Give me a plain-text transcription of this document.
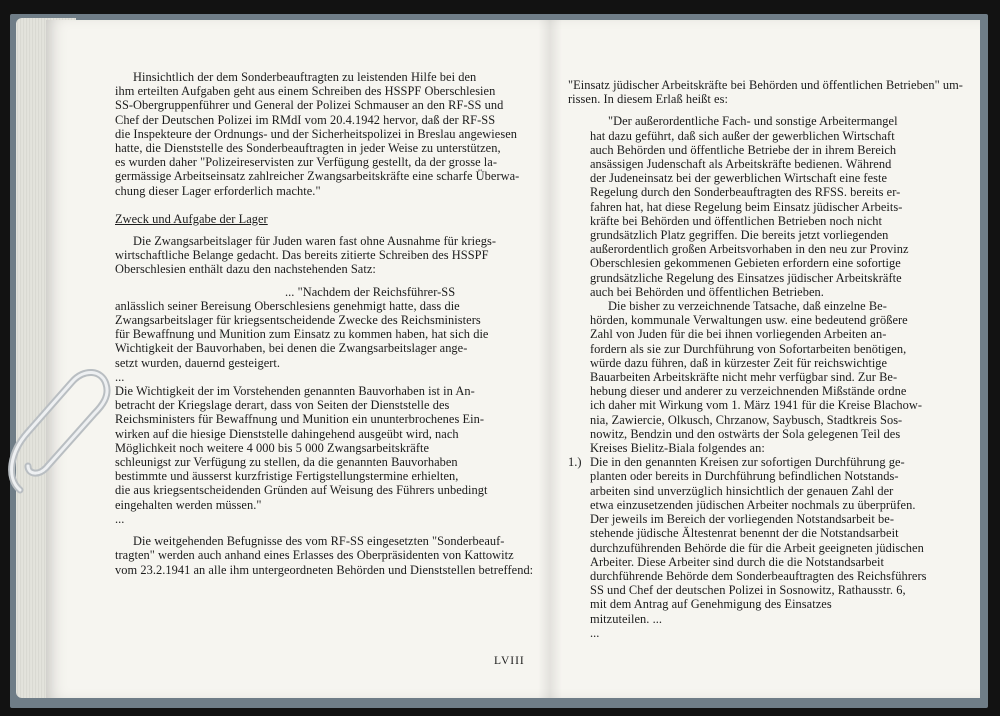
Hinsichtlich der dem Sonderbeauftragten zu leistenden Hilfe bei den
ihm erteilten Aufgaben geht aus einem Schreiben des HSSPF Oberschlesien
SS-Obergruppenführer und General der Polizei Schmauser an den RF-SS und
Chef der Deutschen Polizei im RMdI vom 20.4.1942 hervor, daß der RF-SS
die Inspekteure der Ordnungs- und der Sicherheitspolizei in Breslau angewiesen
hatte, die Dienststelle des Sonderbeauftragten in jeder Weise zu unterstützen,
es wurden daher "Polizeireservisten zur Verfügung gestellt, da der grosse la-
germässige Arbeitseinsatz zahlreicher Zwangsarbeitskräfte eine scharfe Überwa-
chung dieser Lager erforderlich machte."

Zweck und Aufgabe der Lager

Die Zwangsarbeitslager für Juden waren fast ohne Ausnahme für kriegs-
wirtschaftliche Belange gedacht. Das bereits zitierte Schreiben des HSSPF
Oberschlesien enthält dazu den nachstehenden Satz:

... "Nachdem der Reichsführer-SS
anlässlich seiner Bereisung Oberschlesiens genehmigt hatte, dass die
Zwangsarbeitslager für kriegsentscheidende Zwecke des Reichsministers
für Bewaffnung und Munition zum Einsatz zu kommen haben, hat sich die
Wichtigkeit der Bauvorhaben, bei denen die Zwangsarbeitslager ange-
setzt wurden, dauernd gesteigert.
...
Die Wichtigkeit der im Vorstehenden genannten Bauvorhaben ist in An-
betracht der Kriegslage derart, dass von Seiten der Dienststelle des
Reichsministers für Bewaffnung und Munition ein ununterbrochenes Ein-
wirken auf die hiesige Dienststelle dahingehend ausgeübt wird, nach
Möglichkeit noch weitere 4 000 bis 5 000 Zwangsarbeitskräfte
schleunigst zur Verfügung zu stellen, da die genannten Bauvorhaben
bestimmte und äusserst kurzfristige Fertigstellungstermine erhielten,
die aus kriegsentscheidenden Gründen auf Weisung des Führers unbedingt
eingehalten werden müssen."
...

Die weitgehenden Befugnisse des vom RF-SS eingesetzten "Sonderbeauf-
tragten" werden auch anhand eines Erlasses des Oberpräsidenten von Kattowitz
vom 23.2.1941 an alle ihm untergeordneten Behörden und Dienststellen betreffend:

"Einsatz jüdischer Arbeitskräfte bei Behörden und öffentlichen Betrieben" um-
rissen. In diesem Erlaß heißt es:

"Der außerordentliche Fach- und sonstige Arbeitermangel
hat dazu geführt, daß sich außer der gewerblichen Wirtschaft
auch Behörden und öffentliche Betriebe der in ihrem Bereich
ansässigen Judenschaft als Arbeitskräfte bedienen. Während
der Judeneinsatz bei der gewerblichen Wirtschaft eine feste
Regelung durch den Sonderbeauftragten des RFSS. bereits er-
fahren hat, hat diese Regelung beim Einsatz jüdischer Arbeits-
kräfte bei Behörden und öffentlichen Betrieben noch nicht
grundsätzlich Platz gegriffen. Die bereits jetzt vorliegenden
außerordentlich großen Arbeitsvorhaben in den neu zur Provinz
Oberschlesien gekommenen Gebieten erfordern eine sofortige
grundsätzliche Regelung des Einsatzes jüdischer Arbeitskräfte
auch bei Behörden und öffentlichen Betrieben.
Die bisher zu verzeichnende Tatsache, daß einzelne Be-
hörden, kommunale Verwaltungen usw. eine bedeutend größere
Zahl von Juden für die bei ihnen vorliegenden Arbeiten an-
fordern als sie zur Durchführung von Sofortarbeiten benötigen,
würde dazu führen, daß in kürzester Zeit für reichswichtige
Bauarbeiten Arbeitskräfte nicht mehr verfügbar sind. Zur Be-
hebung dieser und anderer zu verzeichnenden Mißstände ordne
ich daher mit Wirkung vom 1. März 1941 für die Kreise Blachow-
nia, Zawiercie, Olkusch, Chrzanow, Saybusch, Stadtkreis Sos-
nowitz, Bendzin und den ostwärts der Sola gelegenen Teil des
Kreises Bielitz-Biala folgendes an:

1.) Die in den genannten Kreisen zur sofortigen Durchführung ge-
planten oder bereits in Durchführung befindlichen Notstands-
arbeiten sind unverzüglich hinsichtlich der genauen Zahl der
etwa einzusetzenden jüdischen Arbeiter nochmals zu überprüfen.
Der jeweils im Bereich der vorliegenden Notstandsarbeit be-
stehende jüdische Ältestenrat benennt der die Notstandsarbeit
durchzuführenden Behörde die für die Arbeit geeigneten jüdischen
Arbeiter. Diese Arbeiter sind durch die die Notstandsarbeit
durchführende Behörde dem Sonderbeauftragten des Reichsführers
SS und Chef der deutschen Polizei in Sosnowitz, Rathausstr. 6,
mit dem Antrag auf Genehmigung des Einsatzes
mitzuteilen. ...
...
LVIII
